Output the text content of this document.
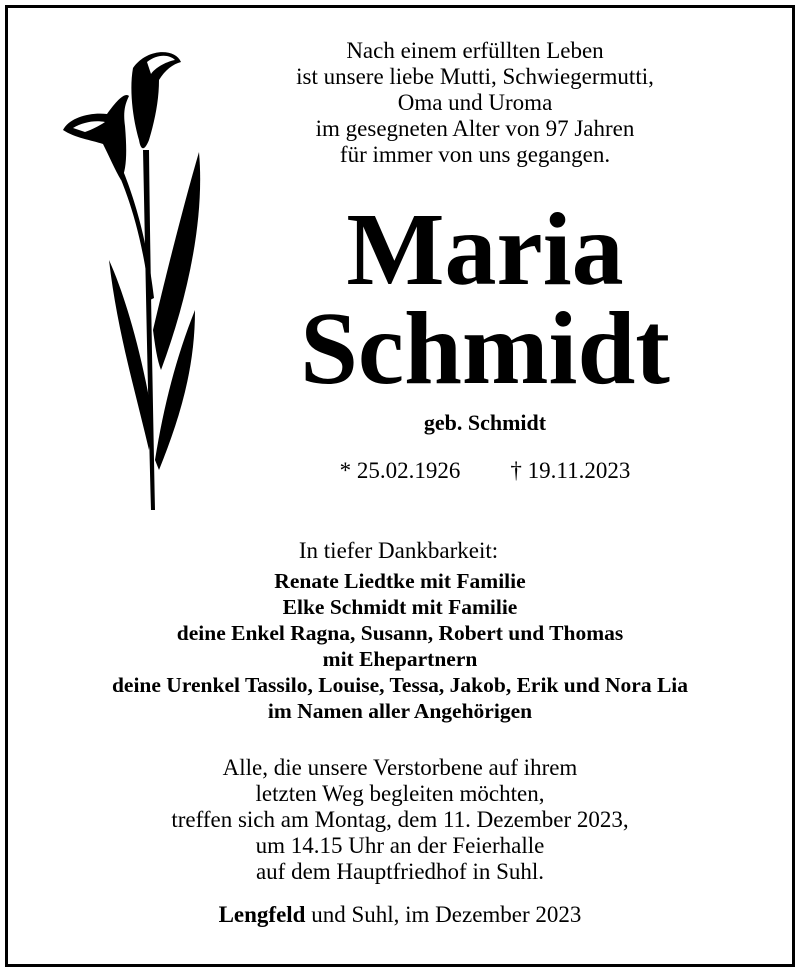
Nach einem erfüllten Leben
ist unsere liebe Mutti, Schwiegermutti,
Oma und Uroma
im gesegneten Alter von 97 Jahren
für immer von uns gegangen.
Maria
Schmidt
geb. Schmidt
* 25.02.1926 † 19.11.2023
In tiefer Dankbarkeit:
Renate Liedtke mit Familie
Elke Schmidt mit Familie
deine Enkel Ragna, Susann, Robert und Thomas
mit Ehepartnern
deine Urenkel Tassilo, Louise, Tessa, Jakob, Erik und Nora Lia
im Namen aller Angehörigen
Alle, die unsere Verstorbene auf ihrem
letzten Weg begleiten möchten,
treffen sich am Montag, dem 11. Dezember 2023,
um 14.15 Uhr an der Feierhalle
auf dem Hauptfriedhof in Suhl.
Lengfeld und Suhl, im Dezember 2023
